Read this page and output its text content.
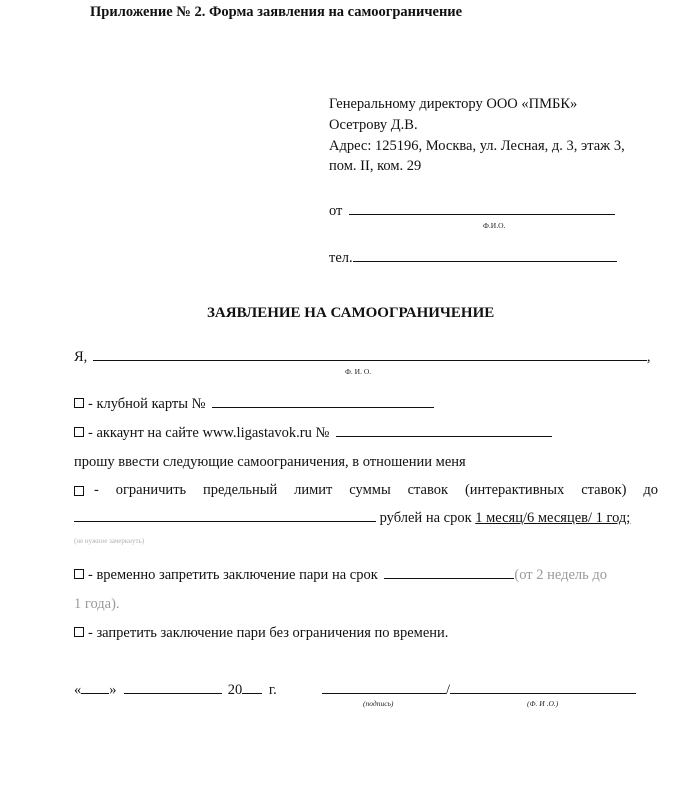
Приложение № 2. Форма заявления на самоограничение
Генеральному директору ООО «ПМБК»
Осетрову Д.В.
Адрес: 125196, Москва, ул. Лесная, д. 3, этаж 3,
пом. II, ком. 29
от
Ф.И.О.
тел.
ЗАЯВЛЕНИЕ НА САМООГРАНИЧЕНИЕ
Я,	,
Ф. И. О.
- клубной карты №
- аккаунт на сайте www.ligastavok.ru №
прошу ввести следующие самоограничения, в отношении меня
- ограничить предельный лимит суммы ставок (интерактивных ставок) до
рублей на срок 1 месяц/6 месяцев/ 1 год;
(не нужное зачеркнуть)
- временно запретить заключение пари на срок	(от 2 недель до
1 года).
- запретить заключение пари без ограничения по времени.
« »	20 г.	/
(подпись)	(Ф. И .О.)
